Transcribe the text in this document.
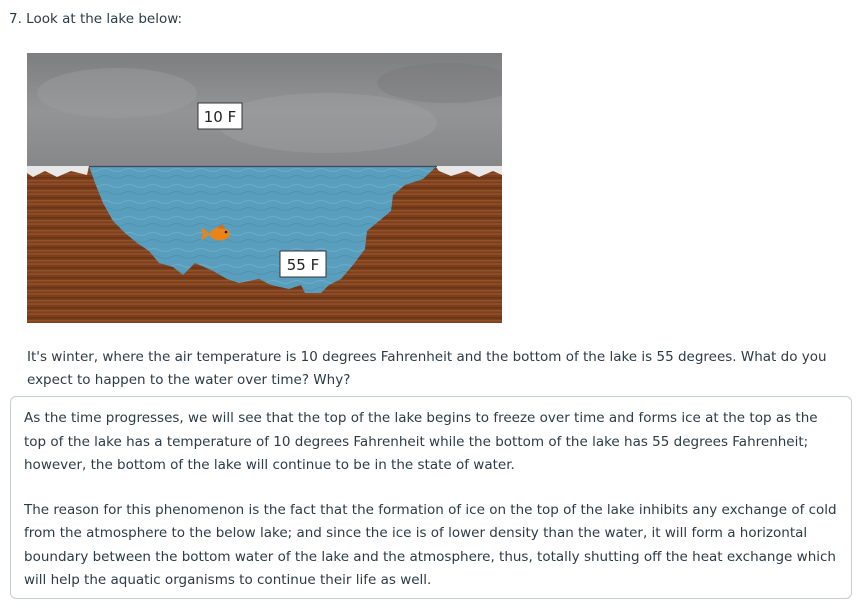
7. Look at the lake below:
10 F
55 F

It's winter, where the air temperature is 10 degrees Fahrenheit and the bottom of the lake is 55 degrees. What do you expect to happen to the water over time? Why?

As the time progresses, we will see that the top of the lake begins to freeze over time and forms ice at the top as the top of the lake has a temperature of 10 degrees Fahrenheit while the bottom of the lake has 55 degrees Fahrenheit; however, the bottom of the lake will continue to be in the state of water.

The reason for this phenomenon is the fact that the formation of ice on the top of the lake inhibits any exchange of cold from the atmosphere to the below lake; and since the ice is of lower density than the water, it will form a horizontal boundary between the bottom water of the lake and the atmosphere, thus, totally shutting off the heat exchange which will help the aquatic organisms to continue their life as well.
